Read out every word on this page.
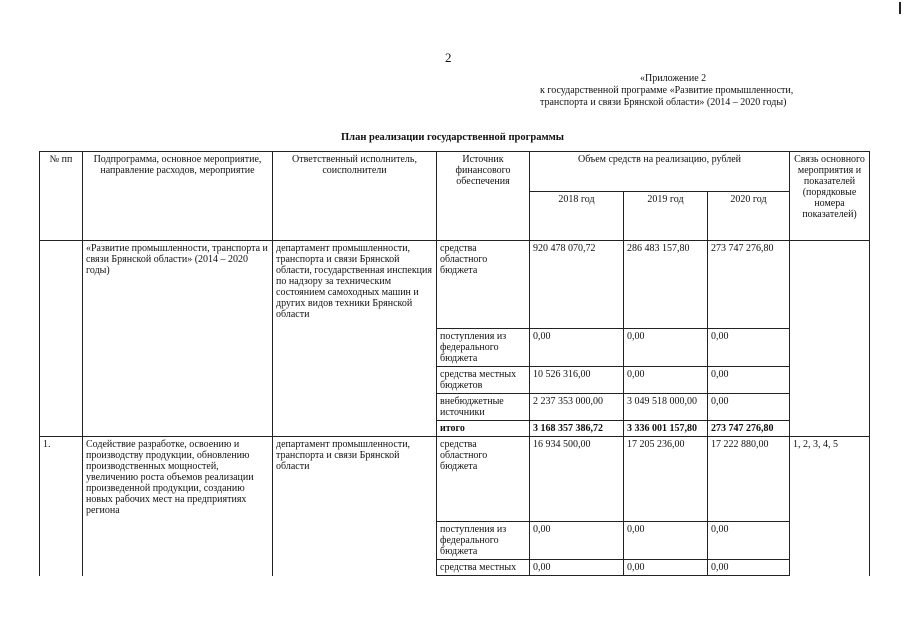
2
«Приложение 2
к государственной программе «Развитие промышленности,
транспорта и связи Брянской области» (2014 – 2020 годы)
План реализации государственной программы
№ пп	Подпрограмма, основное мероприятие, направление расходов, мероприятие	Ответственный исполнитель, соисполнители	Источник финансового обеспечения	Объем средств на реализацию, рублей			Связь основного мероприятия и показателей (порядковые номера показателей)
				2018 год	2019 год	2020 год	
	«Развитие промышленности, транспорта и связи Брянской области» (2014 – 2020 годы)	департамент промышленности, транспорта и связи Брянской области, государственная инспекция по надзору за техническим состоянием самоходных машин и других видов техники Брянской области	средства областного бюджета	920 478 070,72	286 483 157,80	273 747 276,80	
			поступления из федерального бюджета	0,00	0,00	0,00	
			средства местных бюджетов	10 526 316,00	0,00	0,00	
			внебюджетные источники	2 237 353 000,00	3 049 518 000,00	0,00	
			итого	3 168 357 386,72	3 336 001 157,80	273 747 276,80	
1.	Содействие разработке, освоению и производству продукции, обновлению производственных мощностей, увеличению роста объемов реализации произведенной продукции, созданию новых рабочих мест на предприятиях региона	департамент промышленности, транспорта и связи Брянской области	средства областного бюджета	16 934 500,00	17 205 236,00	17 222 880,00	1, 2, 3, 4, 5
			поступления из федерального бюджета	0,00	0,00	0,00	
			средства местных	0,00	0,00	0,00	
